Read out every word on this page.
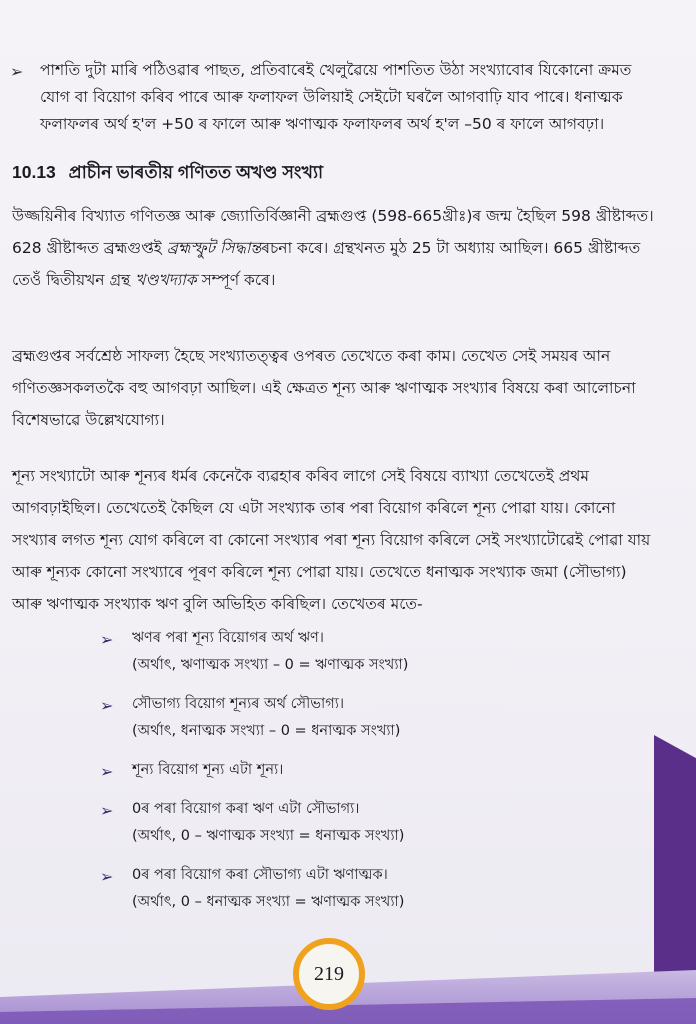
➢ পাশতি দুটা মাৰি পঠিওৱাৰ পাছত, প্ৰতিবাৰেই খেলুৱৈয়ে পাশতিত উঠা সংখ্যাবোৰ যিকোনো ক্ৰমত
যোগ বা বিয়োগ কৰিব পাৰে আৰু ফলাফল উলিয়াই সেইটো ঘৰলৈ আগবাঢ়ি যাব পাৰে। ধনাত্মক
ফলাফলৰ অৰ্থ হ'ল +50 ৰ ফালে আৰু ঋণাত্মক ফলাফলৰ অৰ্থ হ'ল –50 ৰ ফালে আগবঢ়া।
10.13 প্ৰাচীন ভাৰতীয় গণিতত অখণ্ড সংখ্যা
উজ্জয়িনীৰ বিখ্যাত গণিতজ্ঞ আৰু জ্যোতিৰ্বিজ্ঞানী ব্ৰহ্মগুপ্ত (598-665খ্ৰীঃ)ৰ জন্ম হৈছিল 598 খ্ৰীষ্টাব্দত।
628 খ্ৰীষ্টাব্দত ব্ৰহ্মগুপ্তই ব্ৰহ্মস্ফুট সিদ্ধান্তৰচনা কৰে। গ্ৰন্থখনত মুঠ 25 টা অধ্যায় আছিল। 665 খ্ৰীষ্টাব্দত
তেওঁ দ্বিতীয়খন গ্ৰন্থ খণ্ডখদ্যাক সম্পূৰ্ণ কৰে।
ব্ৰহ্মগুপ্তৰ সৰ্বশ্ৰেষ্ঠ সাফল্য হৈছে সংখ্যাতত্ত্বৰ ওপৰত তেখেতে কৰা কাম। তেখেত সেই সময়ৰ আন
গণিতজ্ঞসকলতকৈ বহু আগবঢ়া আছিল। এই ক্ষেত্ৰত শূন্য আৰু ঋণাত্মক সংখ্যাৰ বিষয়ে কৰা আলোচনা
বিশেষভাৱে উল্লেখযোগ্য।
শূন্য সংখ্যাটো আৰু শূন্যৰ ধৰ্মৰ কেনেকৈ ব্যৱহাৰ কৰিব লাগে সেই বিষয়ে ব্যাখ্যা তেখেতেই প্ৰথম
আগবঢ়াইছিল। তেখেতেই কৈছিল যে এটা সংখ্যাক তাৰ পৰা বিয়োগ কৰিলে শূন্য পোৱা যায়। কোনো
সংখ্যাৰ লগত শূন্য যোগ কৰিলে বা কোনো সংখ্যাৰ পৰা শূন্য বিয়োগ কৰিলে সেই সংখ্যাটোৱেই পোৱা যায়
আৰু শূন্যক কোনো সংখ্যাৰে পূৰণ কৰিলে শূন্য পোৱা যায়। তেখেতে ধনাত্মক সংখ্যাক জমা (সৌভাগ্য)
আৰু ঋণাত্মক সংখ্যাক ঋণ বুলি অভিহিত কৰিছিল। তেখেতৰ মতে-
➢ ঋণৰ পৰা শূন্য বিয়োগৰ অৰ্থ ঋণ।
(অৰ্থাৎ, ঋণাত্মক সংখ্যা – 0 = ঋণাত্মক সংখ্যা)
➢ সৌভাগ্য বিয়োগ শূন্যৰ অৰ্থ সৌভাগ্য।
(অৰ্থাৎ, ধনাত্মক সংখ্যা – 0 = ধনাত্মক সংখ্যা)
➢ শূন্য বিয়োগ শূন্য এটা শূন্য।
➢ 0ৰ পৰা বিয়োগ কৰা ঋণ এটা সৌভাগ্য।
(অৰ্থাৎ, 0 – ঋণাত্মক সংখ্যা = ধনাত্মক সংখ্যা)
➢ 0ৰ পৰা বিয়োগ কৰা সৌভাগ্য এটা ঋণাত্মক।
(অৰ্থাৎ, 0 – ধনাত্মক সংখ্যা = ঋণাত্মক সংখ্যা)
219
